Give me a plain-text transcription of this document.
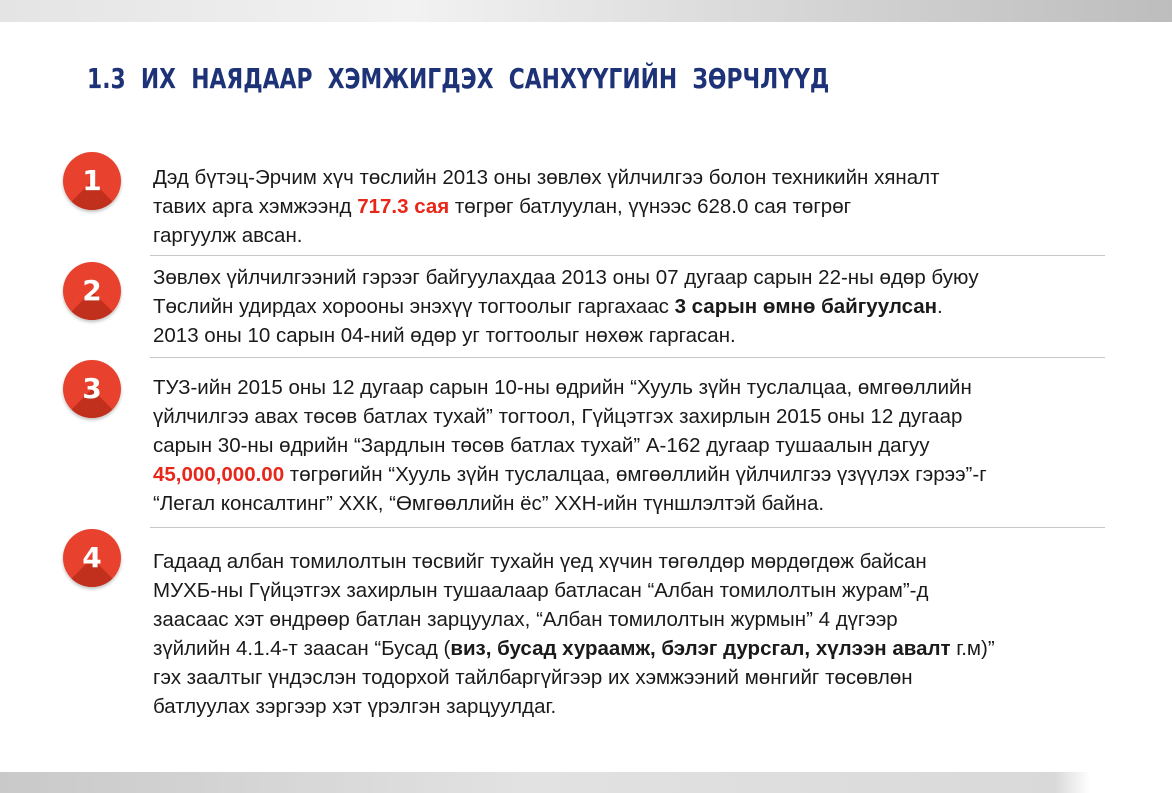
1.3  ИХ  НАЯДААР  ХЭМЖИГДЭХ  САНХҮҮГИЙН  ЗӨРЧЛҮҮД
1	Дэд бүтэц-Эрчим хүч төслийн 2013 оны зөвлөх үйлчилгээ болон техникийн хяналт
тавих арга хэмжээнд 717.3 сая төгрөг батлуулан, үүнээс 628.0 сая төгрөг
гаргуулж авсан.
2	Зөвлөх үйлчилгээний гэрээг байгуулахдаа 2013 оны 07 дугаар сарын 22-ны өдөр буюу
Төслийн удирдах хорооны энэхүү тогтоолыг гаргахаас 3 сарын өмнө байгуулсан.
2013 оны 10 сарын 04-ний өдөр уг тогтоолыг нөхөж гаргасан.
3	ТУЗ-ийн 2015 оны 12 дугаар сарын 10-ны өдрийн “Хууль зүйн туслалцаа, өмгөөллийн
үйлчилгээ авах төсөв батлах тухай” тогтоол, Гүйцэтгэх захирлын 2015 оны 12 дугаар
сарын 30-ны өдрийн “Зардлын төсөв батлах тухай” А-162 дугаар тушаалын дагуу
45,000,000.00 төгрөгийн “Хууль зүйн туслалцаа, өмгөөллийн үйлчилгээ үзүүлэх гэрээ”-г
“Легал консалтинг” ХХК, “Өмгөөллийн ёс” ХХН-ийн түншлэлтэй байна.
4	Гадаад албан томилолтын төсвийг тухайн үед хүчин төгөлдөр мөрдөгдөж байсан
МУХБ-ны Гүйцэтгэх захирлын тушаалаар батласан “Албан томилолтын журам”-д
заасаас хэт өндрөөр батлан зарцуулах, “Албан томилолтын журмын” 4 дүгээр
зүйлийн 4.1.4-т заасан “Бусад (виз, бусад хураамж, бэлэг дурсгал, хүлээн авалт г.м)”
гэх заалтыг үндэслэн тодорхой тайлбаргүйгээр их хэмжээний мөнгийг төсөвлөн
батлуулах зэргээр хэт үрэлгэн зарцуулдаг.
